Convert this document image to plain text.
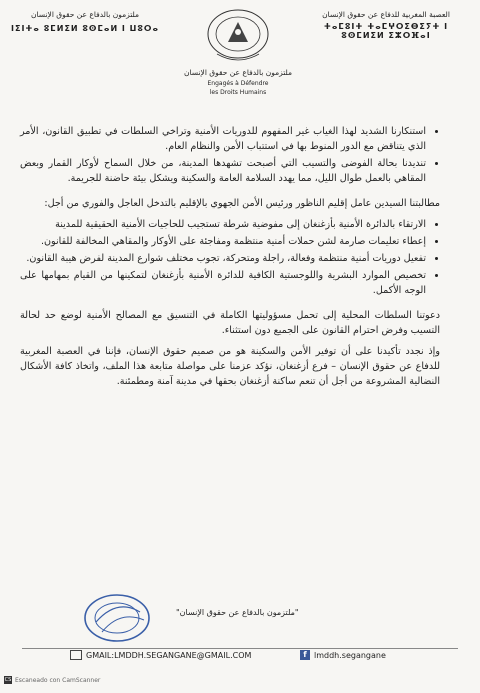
ملتزمون بالدفاع عن حقوق الإنسان
ⵏⵉⵏⵜⴰ ⵓⵎⵍⵉⵍ ⵓⵙⵎⴰⵍ ⵏ ⵡⵓⵔⴰ
ملتزمون بالدفاع عن حقوق الإنسان
Engagés à Défendre
les Droits Humains
العصبة المغربية للدفاع عن حقوق الإنسان
ⵜⴰⵎⵓⵏⵜ ⵜⴰⵎⵖⵔⵉⴱⵉⵢⵜ ⵏ ⵓⵙⵎⵍⵉⵍ ⵉⵣⵔⴼⴰⵏ
• استنكارنا الشديد لهذا الغياب غير المفهوم للدوريات الأمنية وتراخي السلطات في تطبيق القانون، الأمر الذي يتناقض مع الدور المنوط بها في استتباب الأمن والنظام العام.
• تنديدنا بحالة الفوضى والتسيب التي أصبحت تشهدها المدينة، من خلال السماح لأوكار القمار وبعض المقاهي بالعمل طوال الليل، مما يهدد السلامة العامة والسكينة ويشكل بيئة حاضنة للجريمة.

مطالبتنا السيدين عامل إقليم الناظور ورئيس الأمن الجهوي بالإقليم بالتدخل العاجل والفوري من أجل:

• الارتقاء بالدائرة الأمنية بأزغنغان إلى مفوضية شرطة تستجيب للحاجيات الأمنية الحقيقية للمدينة
• إعطاء تعليمات صارمة لشن حملات أمنية منتظمة ومفاجئة على الأوكار والمقاهي المخالفة للقانون.
• تفعيل دوريات أمنية منتظمة وفعالة، راجلة ومتحركة، تجوب مختلف شوارع المدينة لفرض هيبة القانون.
• تخصيص الموارد البشرية واللوجستية الكافية للدائرة الأمنية بأزغنغان لتمكينها من القيام بمهامها على الوجه الأكمل.

دعوتنا السلطات المحلية إلى تحمل مسؤوليتها الكاملة في التنسيق مع المصالح الأمنية لوضع حد لحالة التسيب وفرض احترام القانون على الجميع دون استثناء.

وإذ نجدد تأكيدنا على أن توفير الأمن والسكينة هو من صميم حقوق الإنسان، فإننا في العصبة المغربية للدفاع عن حقوق الإنسان – فرع أزغنغان، نؤكد عزمنا على مواصلة متابعة هذا الملف، واتخاذ كافة الأشكال النضالية المشروعة من أجل أن تنعم ساكنة أزغنغان بحقها في مدينة آمنة ومطمئنة.

"ملتزمون بالدفاع عن حقوق الإنسان"
GMAIL:LMDDH.SEGANGANE@GMAIL.COM	f lmddh.segangane
CS Escaneado con CamScanner
